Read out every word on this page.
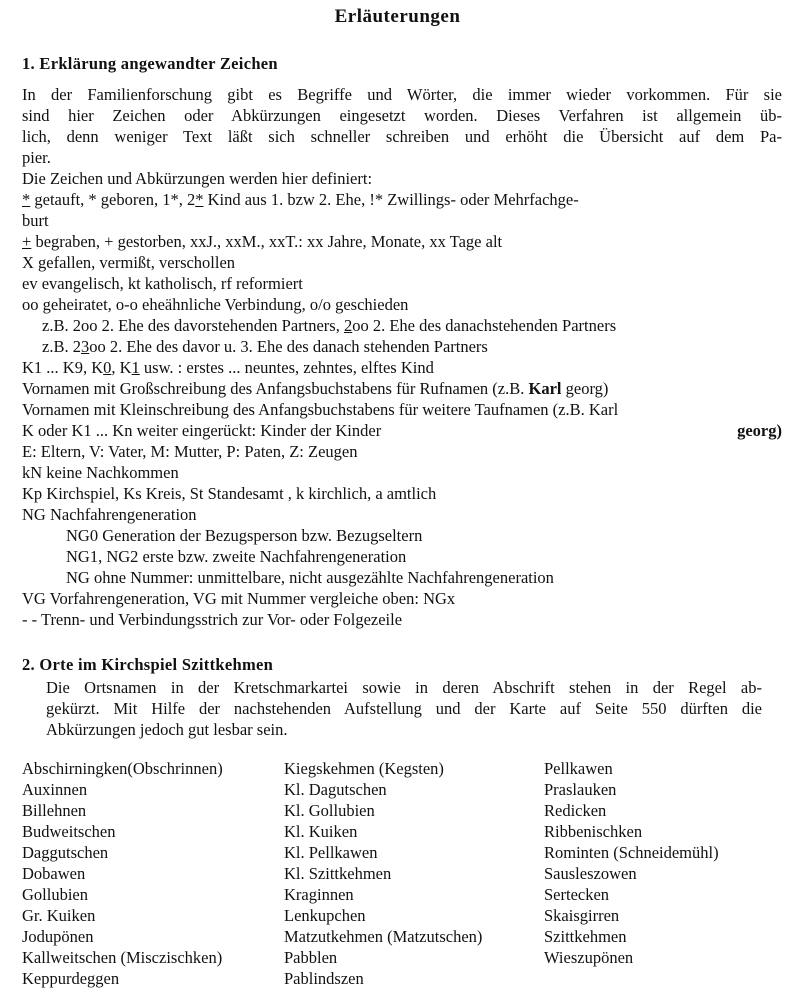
Erläuterungen
1. Erklärung angewandter Zeichen
In der Familienforschung gibt es Begriffe und Wörter, die immer wieder vorkommen. Für sie
sind hier Zeichen oder Abkürzungen eingesetzt worden. Dieses Verfahren ist allgemein üb-
lich, denn weniger Text läßt sich schneller schreiben und erhöht die Übersicht auf dem Pa-
pier.
Die Zeichen und Abkürzungen werden hier definiert:
* getauft, * geboren, 1*, 2* Kind aus 1. bzw 2. Ehe, !* Zwillings- oder Mehrfachge-
burt
+ begraben, + gestorben, xxJ., xxM., xxT.: xx Jahre, Monate, xx Tage alt
X gefallen, vermißt, verschollen
ev evangelisch, kt katholisch, rf reformiert
oo geheiratet, o-o eheähnliche Verbindung, o/o geschieden
z.B. 2oo 2. Ehe des davorstehenden Partners, 2oo 2. Ehe des danachstehenden Partners
z.B. 23oo 2. Ehe des davor u. 3. Ehe des danach stehenden Partners
K1 ... K9, K0, K1 usw. : erstes ... neuntes, zehntes, elftes Kind
Vornamen mit Großschreibung des Anfangsbuchstabens für Rufnamen (z.B. Karl georg)
Vornamen mit Kleinschreibung des Anfangsbuchstabens für weitere Taufnamen (z.B. Karl
georg)
K oder K1 ... Kn weiter eingerückt: Kinder der Kinder
E: Eltern, V: Vater, M: Mutter, P: Paten, Z: Zeugen
kN keine Nachkommen
Kp Kirchspiel, Ks Kreis, St Standesamt , k kirchlich, a amtlich
NG Nachfahrengeneration
NG0 Generation der Bezugsperson bzw. Bezugseltern
NG1, NG2 erste bzw. zweite Nachfahrengeneration
NG ohne Nummer: unmittelbare, nicht ausgezählte Nachfahrengeneration
VG Vorfahrengeneration, VG mit Nummer vergleiche oben: NGx
- - Trenn- und Verbindungsstrich zur Vor- oder Folgezeile
2. Orte im Kirchspiel Szittkehmen
Die Ortsnamen in der Kretschmarkartei sowie in deren Abschrift stehen in der Regel ab-
gekürzt. Mit Hilfe der nachstehenden Aufstellung und der Karte auf Seite 550 dürften die
Abkürzungen jedoch gut lesbar sein.
Abschirningken(Obschrinnen)
Auxinnen
Billehnen
Budweitschen
Daggutschen
Dobawen
Gollubien
Gr. Kuiken
Jodupönen
Kallweitschen (Misczischken)
Keppurdeggen
Kiegskehmen (Kegsten)
Kl. Dagutschen
Kl. Gollubien
Kl. Kuiken
Kl. Pellkawen
Kl. Szittkehmen
Kraginnen
Lenkupchen
Matzutkehmen (Matzutschen)
Pabblen
Pablindszen
Pellkawen
Praslauken
Redicken
Ribbenischken
Rominten (Schneidemühl)
Sausleszowen
Sertecken
Skaisgirren
Szittkehmen
Wieszupönen
